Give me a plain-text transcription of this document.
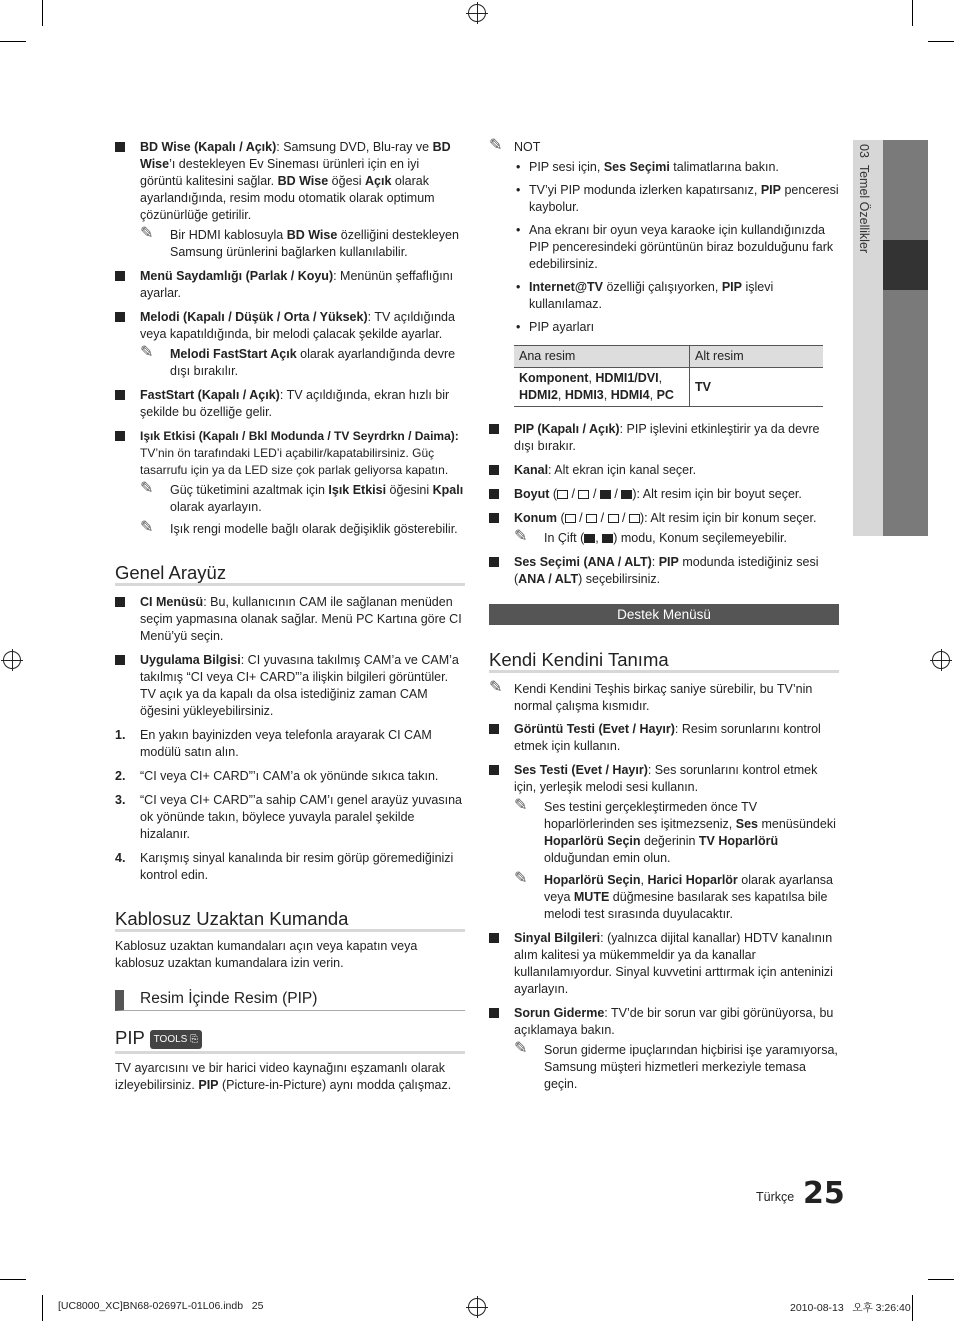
03  Temel Özellikler
BD Wise (Kapalı / Açık): Samsung DVD, Blu-ray ve BD Wise’ı destekleyen Ev Sineması ürünleri için en iyi görüntü kalitesini sağlar. BD Wise öğesi Açık olarak ayarlandığında, resim modu otomatik olarak optimum çözünürlüğe getirilir.
✎ Bir HDMI kablosuyla BD Wise özelliğini destekleyen Samsung ürünlerini bağlarken kullanılabilir.
Menü Saydamlığı (Parlak / Koyu): Menünün şeffaflığını ayarlar.
Melodi (Kapalı / Düşük / Orta / Yüksek): TV açıldığında veya kapatıldığında, bir melodi çalacak şekilde ayarlar.
✎ Melodi FastStart Açık olarak ayarlandığında devre dışı bırakılır.
FastStart (Kapalı / Açık): TV açıldığında, ekran hızlı bir şekilde bu özelliğe gelir.
Işık Etkisi (Kapalı / Bkl Modunda / TV Seyrdrkn / Daima):
TV’nin ön tarafındaki LED’i açabilir/kapatabilirsiniz. Güç tasarrufu için ya da LED size çok parlak geliyorsa kapatın.
✎ Güç tüketimini azaltmak için Işık Etkisi öğesini Kpalı olarak ayarlayın.
✎ Işık rengi modelle bağlı olarak değişiklik gösterebilir.
Genel Arayüz
CI Menüsü: Bu, kullanıcının CAM ile sağlanan menüden seçim yapmasına olanak sağlar. Menü PC Kartına göre CI Menü’yü seçin.
Uygulama Bilgisi: CI yuvasına takılmış CAM’a ve CAM’a takılmış “CI veya CI+ CARD”’a ilişkin bilgileri görüntüler. TV açık ya da kapalı da olsa istediğiniz zaman CAM öğesini yükleyebilirsiniz.
1. En yakın bayinizden veya telefonla arayarak CI CAM modülü satın alın.
2. “CI veya CI+ CARD”’ı CAM’a ok yönünde sıkıca takın.
3. “CI veya CI+ CARD”’a sahip CAM’ı genel arayüz yuvasına ok yönünde takın, böylece yuvayla paralel şekilde hizalanır.
4. Karışmış sinyal kanalında bir resim görüp göremediğinizi kontrol edin.
Kablosuz Uzaktan Kumanda
Kablosuz uzaktan kumandaları açın veya kapatın veya kablosuz uzaktan kumandalara izin verin.
Resim İçinde Resim (PIP)
PIP TOOLS ⎘
TV ayarcısını ve bir harici video kaynağını eşzamanlı olarak izleyebilirsiniz. PIP (Picture-in-Picture) aynı modda çalışmaz.
✎ NOT
• PIP sesi için, Ses Seçimi talimatlarına bakın.
• TV’yi PIP modunda izlerken kapatırsanız, PIP penceresi kaybolur.
• Ana ekranı bir oyun veya karaoke için kullandığınızda PIP penceresindeki görüntünün biraz bozulduğunu fark edebilirsiniz.
• Internet@TV özelliği çalışıyorken, PIP işlevi kullanılamaz.
• PIP ayarları
Ana resim	Alt resim
Komponent, HDMI1/DVI, HDMI2, HDMI3, HDMI4, PC	TV
PIP (Kapalı / Açık): PIP işlevini etkinleştirir ya da devre dışı bırakır.
Kanal: Alt ekran için kanal seçer.
Boyut ( /  /  / ): Alt resim için bir boyut seçer.
Konum ( /  /  / ): Alt resim için bir konum seçer.
✎ In Çift ( , ) modu, Konum seçilemeyebilir.
Ses Seçimi (ANA / ALT): PIP modunda istediğiniz sesi (ANA / ALT) seçebilirsiniz.
Destek Menüsü
Kendi Kendini Tanıma
✎ Kendi Kendini Teşhis birkaç saniye sürebilir, bu TV’nin normal çalışma kısmıdır.
Görüntü Testi (Evet / Hayır): Resim sorunlarını kontrol etmek için kullanın.
Ses Testi (Evet / Hayır): Ses sorunlarını kontrol etmek için, yerleşik melodi sesi kullanın.
✎ Ses testini gerçekleştirmeden önce TV hoparlörlerinden ses işitmezseniz, Ses menüsündeki Hoparlörü Seçin değerinin TV Hoparlörü olduğundan emin olun.
✎ Hoparlörü Seçin, Harici Hoparlör olarak ayarlansa veya MUTE düğmesine basılarak ses kapatılsa bile melodi test sırasında duyulacaktır.
Sinyal Bilgileri: (yalnızca dijital kanallar) HDTV kanalının alım kalitesi ya mükemmeldir ya da kanallar kullanılamıyordur. Sinyal kuvvetini arttırmak için anteninizi ayarlayın.
Sorun Giderme: TV’de bir sorun var gibi görünüyorsa, bu açıklamaya bakın.
✎ Sorun giderme ipuçlarından hiçbirisi işe yaramıyorsa, Samsung müşteri hizmetleri merkeziyle temasa geçin.
Türkçe 25
[UC8000_XC]BN68-02697L-01L06.indb   25	2010-08-13   오후 3:26:40
